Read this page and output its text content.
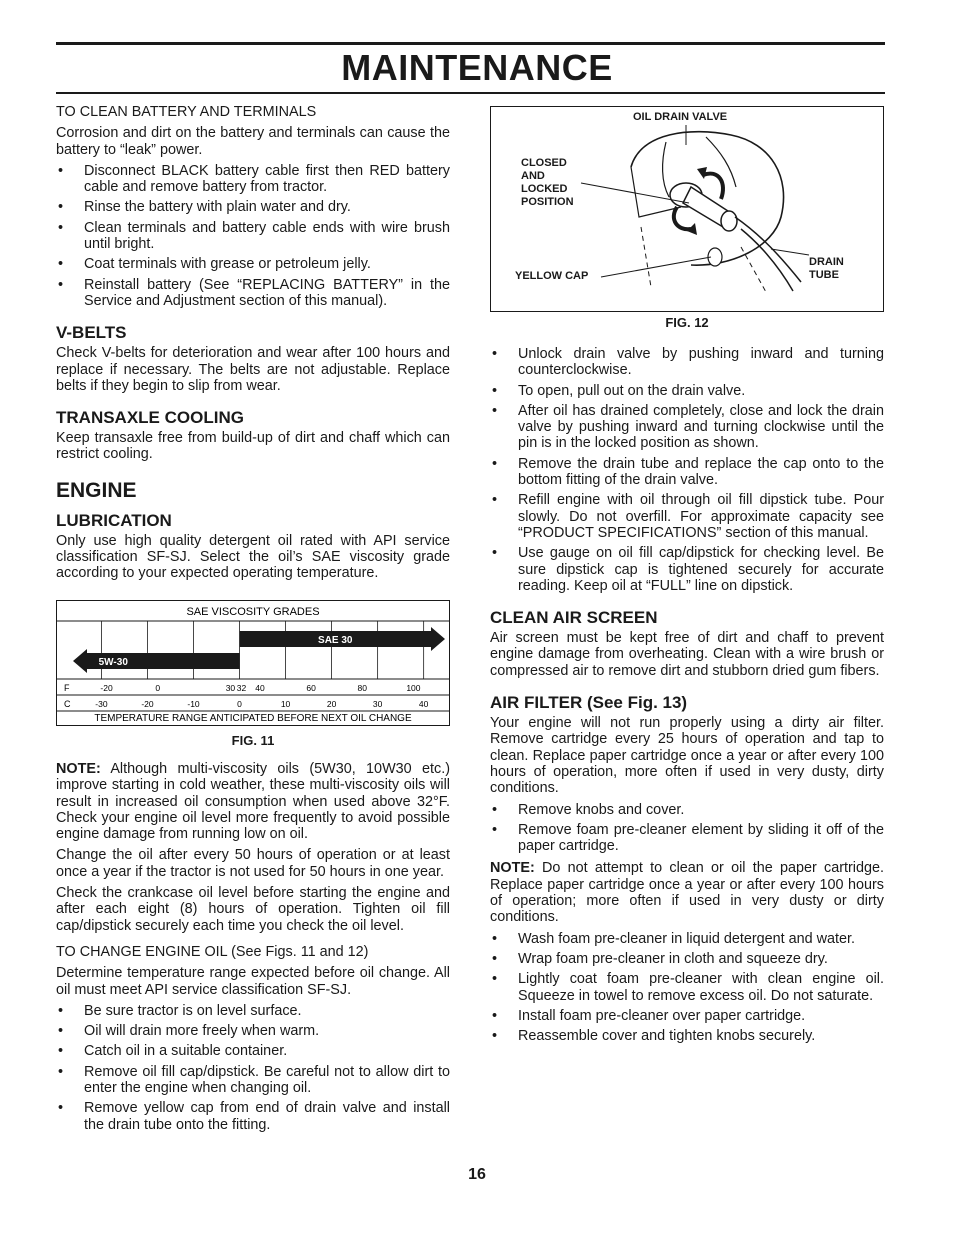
MAINTENANCE

TO CLEAN BATTERY AND TERMINALS

Corrosion and dirt on the battery and terminals can cause the battery to “leak” power.

• Disconnect BLACK battery cable first then RED battery cable and remove battery from tractor.
• Rinse the battery with plain water and dry.
• Clean terminals and battery cable ends with wire brush until bright.
• Coat terminals with grease or petroleum jelly.
• Reinstall battery (See “REPLACING BATTERY” in the Service and Adjustment section of this manual).
V-BELTS

Check V-belts for deterioration and wear after 100 hours and replace if necessary. The belts are not adjustable. Replace belts if they begin to slip from wear.

TRANSAXLE COOLING

Keep transaxle free from build-up of dirt and chaff which can restrict cooling.

ENGINE
LUBRICATION

Only use high quality detergent oil rated with API service classification SF-SJ. Select the oil’s SAE viscosity grade according to your expected operating temperature.

SAE VISCOSITY GRADES
SAE 30
5W-30
F
C
-20	0	30 32 40	60	80	100
-30	-20	-10	0	10	20	30	40
TEMPERATURE RANGE ANTICIPATED BEFORE NEXT OIL CHANGE
FIG. 11

NOTE: Although multi-viscosity oils (5W30, 10W30 etc.) improve starting in cold weather, these multi-viscosity oils will result in increased oil consumption when used above 32°F. Check your engine oil level more frequently to avoid possible engine damage from running low on oil.

Change the oil after every 50 hours of operation or at least once a year if the tractor is not used for 50 hours in one year.

Check the crankcase oil level before starting the engine and after each eight (8) hours of operation. Tighten oil fill cap/dipstick securely each time you check the oil level.

TO CHANGE ENGINE OIL (See Figs. 11 and 12)

Determine temperature range expected before oil change. All oil must meet API service classification SF-SJ.

• Be sure tractor is on level surface.
• Oil will drain more freely when warm.
• Catch oil in a suitable container.
• Remove oil fill cap/dipstick. Be careful not to allow dirt to enter the engine when changing oil.
• Remove yellow cap from end of drain valve and install the drain tube onto the fitting.
OIL DRAIN VALVE
CLOSED
AND
LOCKED
POSITION
YELLOW CAP
DRAIN
TUBE
FIG. 12
• Unlock drain valve by pushing inward and turning counterclockwise.
• To open, pull out on the drain valve.
• After oil has drained completely, close and lock the drain valve by pushing inward and turning clockwise until the pin is in the locked position as shown.
• Remove the drain tube and replace the cap onto to the bottom fitting of the drain valve.
• Refill engine with oil through oil fill dipstick tube. Pour slowly. Do not overfill. For approximate capacity see “PRODUCT SPECIFICATIONS” section of this manual.
• Use gauge on oil fill cap/dipstick for checking level. Be sure dipstick cap is tightened securely for accurate reading. Keep oil at “FULL” line on dipstick.
CLEAN AIR SCREEN

Air screen must be kept free of dirt and chaff to prevent engine damage from overheating. Clean with a wire brush or compressed air to remove dirt and stubborn dried gum fibers.

AIR FILTER (See Fig. 13)

Your engine will not run properly using a dirty air filter. Remove cartridge every 25 hours of operation and tap to clean. Replace paper cartridge once a year or after every 100 hours of operation, more often if used in very dusty, dirty conditions.

• Remove knobs and cover.
• Remove foam pre-cleaner element by sliding it off of the paper cartridge.

NOTE: Do not attempt to clean or oil the paper cartridge. Replace paper cartridge once a year or after every 100 hours of operation; more often if used in very dusty or dirty conditions.

• Wash foam pre-cleaner in liquid detergent and water.
• Wrap foam pre-cleaner in cloth and squeeze dry.
• Lightly coat foam pre-cleaner with clean engine oil. Squeeze in towel to remove excess oil. Do not saturate.
• Install foam pre-cleaner over paper cartridge.
• Reassemble cover and tighten knobs securely.
16
